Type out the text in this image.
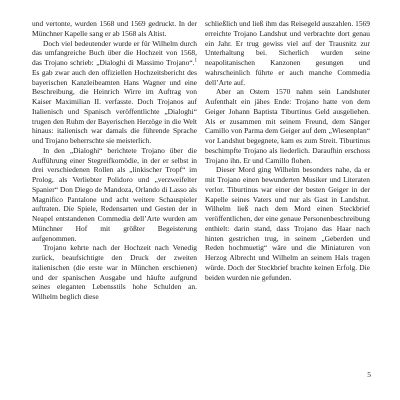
und vertonte, wurden 1568 und 1569 gedruckt. In der Münchner Kapelle sang er ab 1568 als Altist.

Doch viel bedeutender wurde er für Wilhelm durch das umfangreiche Buch über die Hochzeit von 1568, das Trojano schrieb: „Dialoghi di Massimo Trojano“.$^1$ Es gab zwar auch den offiziellen Hochzeitsbericht des bayerischen Kanzleibeamten Hans Wagner und eine Beschreibung, die Heinrich Wirre im Auftrag von Kaiser Maximilian II. verfasste. Doch Trojanos auf Italienisch und Spanisch veröffentlichte „Dialoghi“ trugen den Ruhm der Bayerischen Herzöge in die Welt hinaus: italienisch war damals die führende Sprache und Trojano beherrschte sie meisterlich.

In den „Dialoghi“ berichtete Trojano über die Aufführung einer Stegreifkomödie, in der er selbst in drei verschiedenen Rollen als „linkischer Tropf“ im Prolog, als Verliebter Polidoro und „verzweifelter Spanier“ Don Diego de Mandoza, Orlando di Lasso als Magnifico Pantalone und acht weitere Schauspieler auftraten. Die Spiele, Redensarten und Gesten der in Neapel entstandenen Commedia dell’Arte wurden am Münchner Hof mit größter Begeisterung aufgenommen.

Trojano kehrte nach der Hochzeit nach Venedig zurück, beaufsichtigte den Druck der zweiten italienischen (die erste war in München erschienen) und der spanischen Ausgabe und häufte aufgrund seines eleganten Lebensstils hohe Schulden an. Wilhelm beglich diese

schließlich und ließ ihm das Reisegeld auszahlen. 1569 erreichte Trojano Landshut und verbrachte dort genau ein Jahr. Er trug gewiss viel auf der Trausnitz zur Unterhaltung bei. Sicherlich wurden seine neapolitanischen Kanzonen gesungen und wahrscheinlich führte er auch manche Commedia dell’Arte auf.

Aber an Ostern 1570 nahm sein Landshuter Aufenthalt ein jähes Ende: Trojano hatte von dem Geiger Johann Baptista Tiburtinus Geld ausgeliehen. Als er zusammen mit seinem Freund, dem Sänger Camillo von Parma dem Geiger auf dem „Wiesenplan“ vor Landshut begegnete, kam es zum Streit. Tiburtinus beschimpfte Trojano als liederlich. Daraufhin erschoss Trojano ihn. Er und Camillo flohen.

Dieser Mord ging Wilhelm besonders nahe, da er mit Trojano einen bewunderten Musiker und Literaten verlor. Tiburtinus war einer der besten Geiger in der Kapelle seines Vaters und nur als Gast in Landshut. Wilhelm ließ nach dem Mord einen Steckbrief veröffentlichen, der eine genaue Personenbeschreibung enthielt: darin stand, dass Trojano das Haar nach hinten gestrichen trug, in seinem „Geberden und Reden hochmuetig“ wäre und die Miniaturen von Herzog Albrecht und Wilhelm an seinem Hals tragen würde. Doch der Steckbrief brachte keinen Erfolg. Die beiden wurden nie gefunden.

5
